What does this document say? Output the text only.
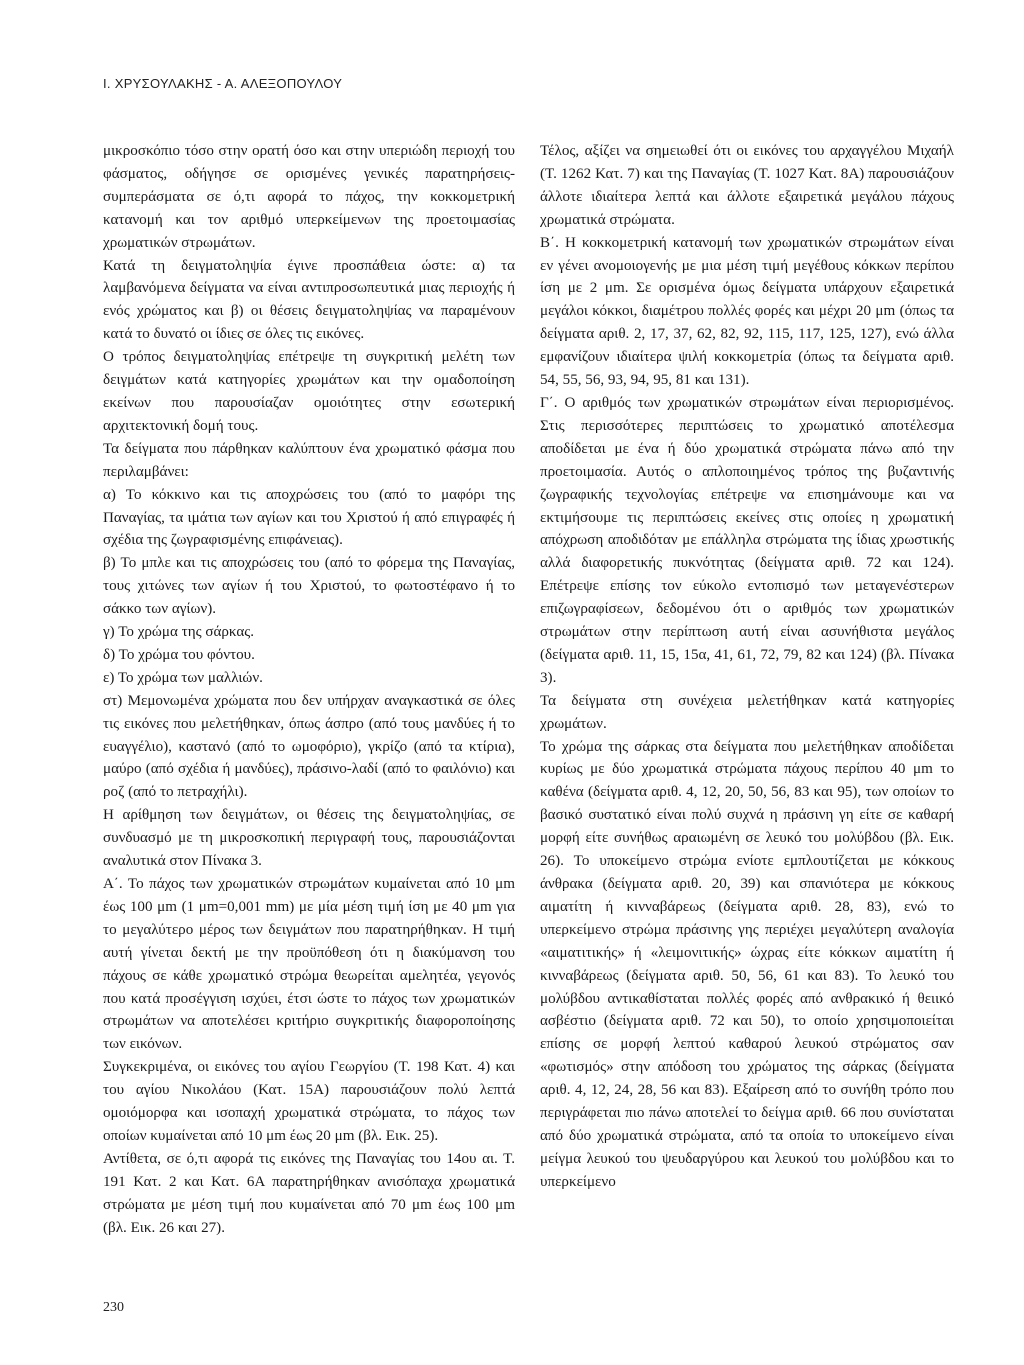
Ι. ΧΡΥΣΟΥΛΑΚΗΣ - Α. ΑΛΕΞΟΠΟΥΛΟΥ

μικροσκόπιο τόσο στην ορατή όσο και στην υπεριώδη περιοχή του φάσματος, οδήγησε σε ορισμένες γενικές παρατηρήσεις-συμπεράσματα σε ό,τι αφορά το πάχος, την κοκκομετρική κατανομή και τον αριθμό υπερκείμενων της προετοιμασίας χρωματικών στρωμάτων.

Κατά τη δειγματοληψία έγινε προσπάθεια ώστε: α) τα λαμβανόμενα δείγματα να είναι αντιπροσωπευτικά μιας περιοχής ή ενός χρώματος και β) οι θέσεις δειγματοληψίας να παραμένουν κατά το δυνατό οι ίδιες σε όλες τις εικόνες.

Ο τρόπος δειγματοληψίας επέτρεψε τη συγκριτική μελέτη των δειγμάτων κατά κατηγορίες χρωμάτων και την ομαδοποίηση εκείνων που παρουσίαζαν ομοιότητες στην εσωτερική αρχιτεκτονική δομή τους.

Τα δείγματα που πάρθηκαν καλύπτουν ένα χρωματικό φάσμα που περιλαμβάνει:

α) Το κόκκινο και τις αποχρώσεις του (από το μαφόρι της Παναγίας, τα ιμάτια των αγίων και του Χριστού ή από επιγραφές ή σχέδια της ζωγραφισμένης επιφάνειας).

β) Το μπλε και τις αποχρώσεις του (από το φόρεμα της Παναγίας, τους χιτώνες των αγίων ή του Χριστού, το φωτοστέφανο ή το σάκκο των αγίων).

γ) Το χρώμα της σάρκας.

δ) Το χρώμα του φόντου.

ε) Το χρώμα των μαλλιών.

στ) Μεμονωμένα χρώματα που δεν υπήρχαν αναγκαστικά σε όλες τις εικόνες που μελετήθηκαν, όπως άσπρο (από τους μανδύες ή το ευαγγέλιο), καστανό (από το ωμοφόριο), γκρίζο (από τα κτίρια), μαύρο (από σχέδια ή μανδύες), πράσινο-λαδί (από το φαιλόνιο) και ροζ (από το πετραχήλι).

Η αρίθμηση των δειγμάτων, οι θέσεις της δειγματοληψίας, σε συνδυασμό με τη μικροσκοπική περιγραφή τους, παρουσιάζονται αναλυτικά στον Πίνακα 3.

Α΄. Το πάχος των χρωματικών στρωμάτων κυμαίνεται από 10 μm έως 100 μm (1 μm=0,001 mm) με μία μέση τιμή ίση με 40 μm για το μεγαλύτερο μέρος των δειγμάτων που παρατηρήθηκαν. Η τιμή αυτή γίνεται δεκτή με την προϋπόθεση ότι η διακύμανση του πάχους σε κάθε χρωματικό στρώμα θεωρείται αμελητέα, γεγονός που κατά προσέγγιση ισχύει, έτσι ώστε το πάχος των χρωματικών στρωμάτων να αποτελέσει κριτήριο συγκριτικής διαφοροποίησης των εικόνων.

Συγκεκριμένα, οι εικόνες του αγίου Γεωργίου (Τ. 198 Κατ. 4) και του αγίου Νικολάου (Κατ. 15Α) παρουσιάζουν πολύ λεπτά ομοιόμορφα και ισοπαχή χρωματικά στρώματα, το πάχος των οποίων κυμαίνεται από 10 μm έως 20 μm (βλ. Εικ. 25).

Αντίθετα, σε ό,τι αφορά τις εικόνες της Παναγίας του 14ου αι. Τ. 191 Κατ. 2 και Κατ. 6Α παρατηρήθηκαν ανισόπαχα χρωματικά στρώματα με μέση τιμή που κυμαίνεται από 70 μm έως 100 μm (βλ. Εικ. 26 και 27).

Τέλος, αξίζει να σημειωθεί ότι οι εικόνες του αρχαγγέλου Μιχαήλ (Τ. 1262 Κατ. 7) και της Παναγίας (Τ. 1027 Κατ. 8Α) παρουσιάζουν άλλοτε ιδιαίτερα λεπτά και άλλοτε εξαιρετικά μεγάλου πάχους χρωματικά στρώματα.

Β΄. Η κοκκομετρική κατανομή των χρωματικών στρωμάτων είναι εν γένει ανομοιογενής με μια μέση τιμή μεγέθους κόκκων περίπου ίση με 2 μm. Σε ορισμένα όμως δείγματα υπάρχουν εξαιρετικά μεγάλοι κόκκοι, διαμέτρου πολλές φορές και μέχρι 20 μm (όπως τα δείγματα αριθ. 2, 17, 37, 62, 82, 92, 115, 117, 125, 127), ενώ άλλα εμφανίζουν ιδιαίτερα ψιλή κοκκομετρία (όπως τα δείγματα αριθ. 54, 55, 56, 93, 94, 95, 81 και 131).

Γ΄. Ο αριθμός των χρωματικών στρωμάτων είναι περιορισμένος. Στις περισσότερες περιπτώσεις το χρωματικό αποτέλεσμα αποδίδεται με ένα ή δύο χρωματικά στρώματα πάνω από την προετοιμασία. Αυτός ο απλοποιημένος τρόπος της βυζαντινής ζωγραφικής τεχνολογίας επέτρεψε να επισημάνουμε και να εκτιμήσουμε τις περιπτώσεις εκείνες στις οποίες η χρωματική απόχρωση αποδιδόταν με επάλληλα στρώματα της ίδιας χρωστικής αλλά διαφορετικής πυκνότητας (δείγματα αριθ. 72 και 124). Επέτρεψε επίσης τον εύκολο εντοπισμό των μεταγενέστερων επιζωγραφίσεων, δεδομένου ότι ο αριθμός των χρωματικών στρωμάτων στην περίπτωση αυτή είναι ασυνήθιστα μεγάλος (δείγματα αριθ. 11, 15, 15α, 41, 61, 72, 79, 82 και 124) (βλ. Πίνακα 3).

Τα δείγματα στη συνέχεια μελετήθηκαν κατά κατηγορίες χρωμάτων.

Το χρώμα της σάρκας στα δείγματα που μελετήθηκαν αποδίδεται κυρίως με δύο χρωματικά στρώματα πάχους περίπου 40 μm το καθένα (δείγματα αριθ. 4, 12, 20, 50, 56, 83 και 95), των οποίων το βασικό συστατικό είναι πολύ συχνά η πράσινη γη είτε σε καθαρή μορφή είτε συνήθως αραιωμένη σε λευκό του μολύβδου (βλ. Εικ. 26). Το υποκείμενο στρώμα ενίοτε εμπλουτίζεται με κόκκους άνθρακα (δείγματα αριθ. 20, 39) και σπανιότερα με κόκκους αιματίτη ή κινναβάρεως (δείγματα αριθ. 28, 83), ενώ το υπερκείμενο στρώμα πράσινης γης περιέχει μεγαλύτερη αναλογία «αιματιτικής» ή «λειμονιτικής» ώχρας είτε κόκκων αιματίτη ή κινναβάρεως (δείγματα αριθ. 50, 56, 61 και 83). Το λευκό του μολύβδου αντικαθίσταται πολλές φορές από ανθρακικό ή θειικό ασβέστιο (δείγματα αριθ. 72 και 50), το οποίο χρησιμοποιείται επίσης σε μορφή λεπτού καθαρού λευκού στρώματος σαν «φωτισμός» στην απόδοση του χρώματος της σάρκας (δείγματα αριθ. 4, 12, 24, 28, 56 και 83). Εξαίρεση από το συνήθη τρόπο που περιγράφεται πιο πάνω αποτελεί το δείγμα αριθ. 66 που συνίσταται από δύο χρωματικά στρώματα, από τα οποία το υποκείμενο είναι μείγμα λευκού του ψευδαργύρου και λευκού του μολύβδου και το υπερκείμενο

230
